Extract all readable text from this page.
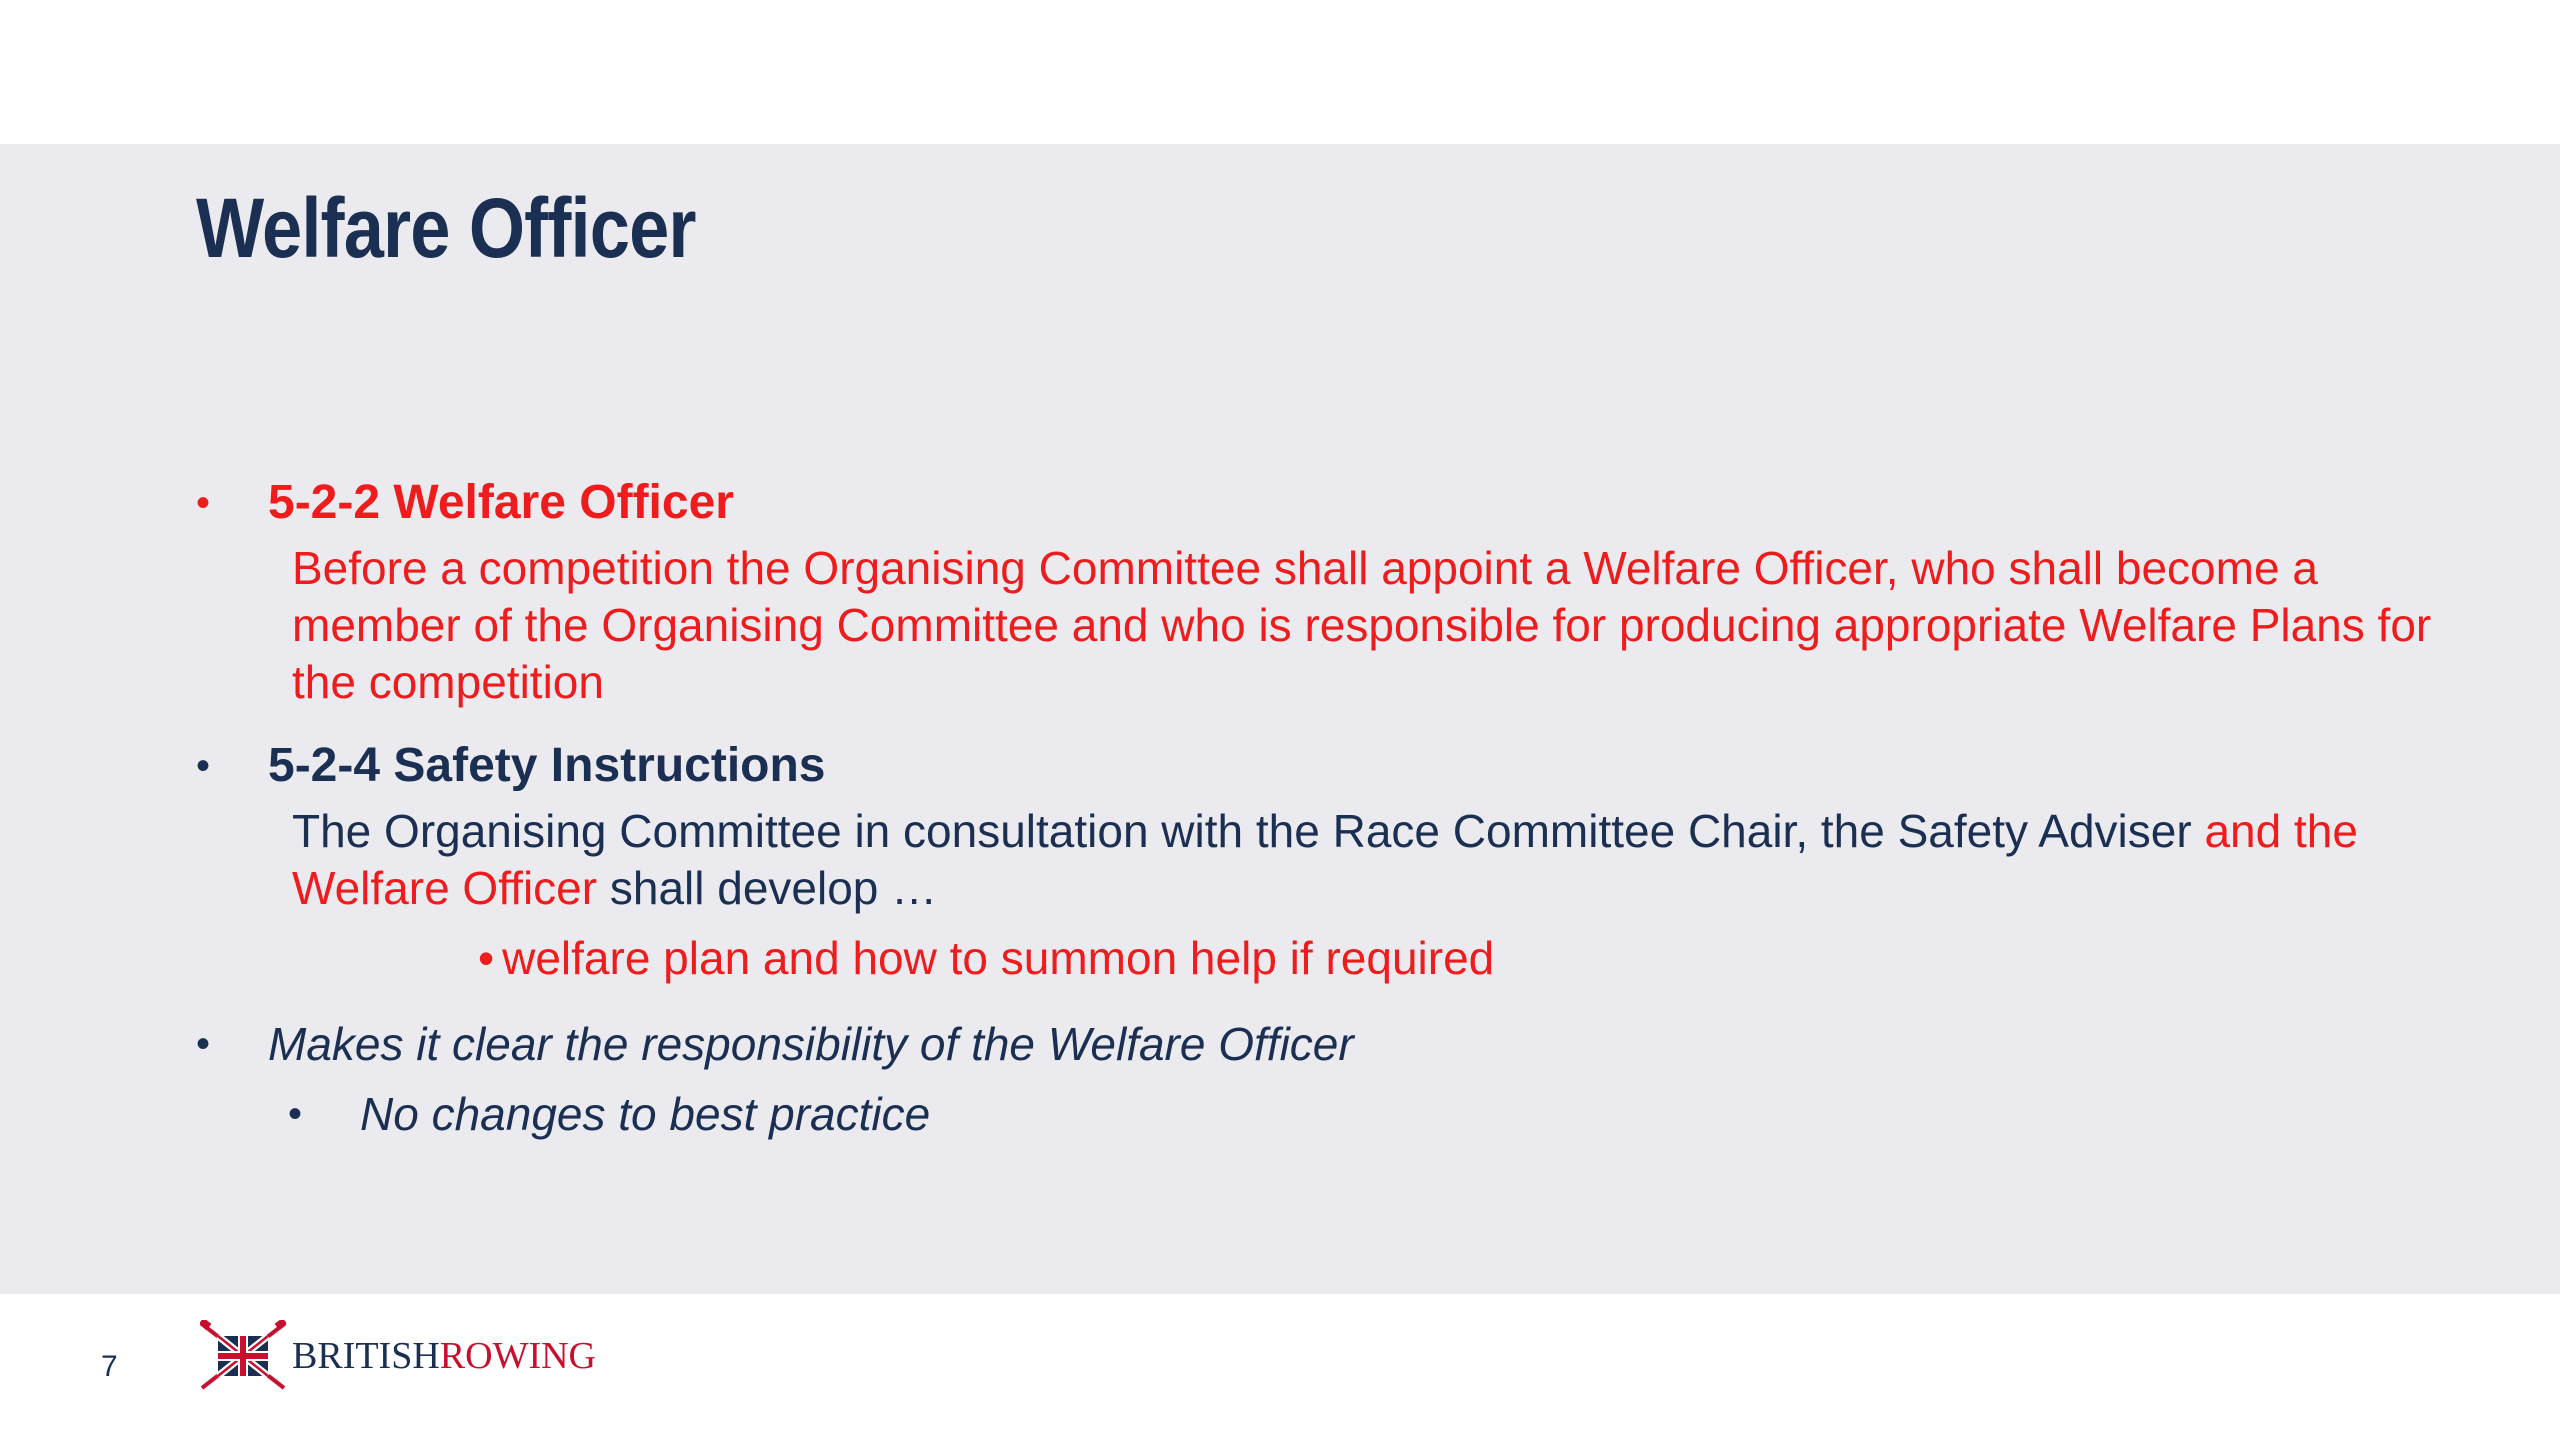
Welfare Officer
• 5-2-2 Welfare Officer
Before a competition the Organising Committee shall appoint a Welfare Officer, who shall become a member of the Organising Committee and who is responsible for producing appropriate Welfare Plans for the competition
• 5-2-4 Safety Instructions
The Organising Committee in consultation with the Race Committee Chair, the Safety Adviser and the Welfare Officer shall develop …
• welfare plan and how to summon help if required
• Makes it clear the responsibility of the Welfare Officer
• No changes to best practice
7	BRITISHROWING
